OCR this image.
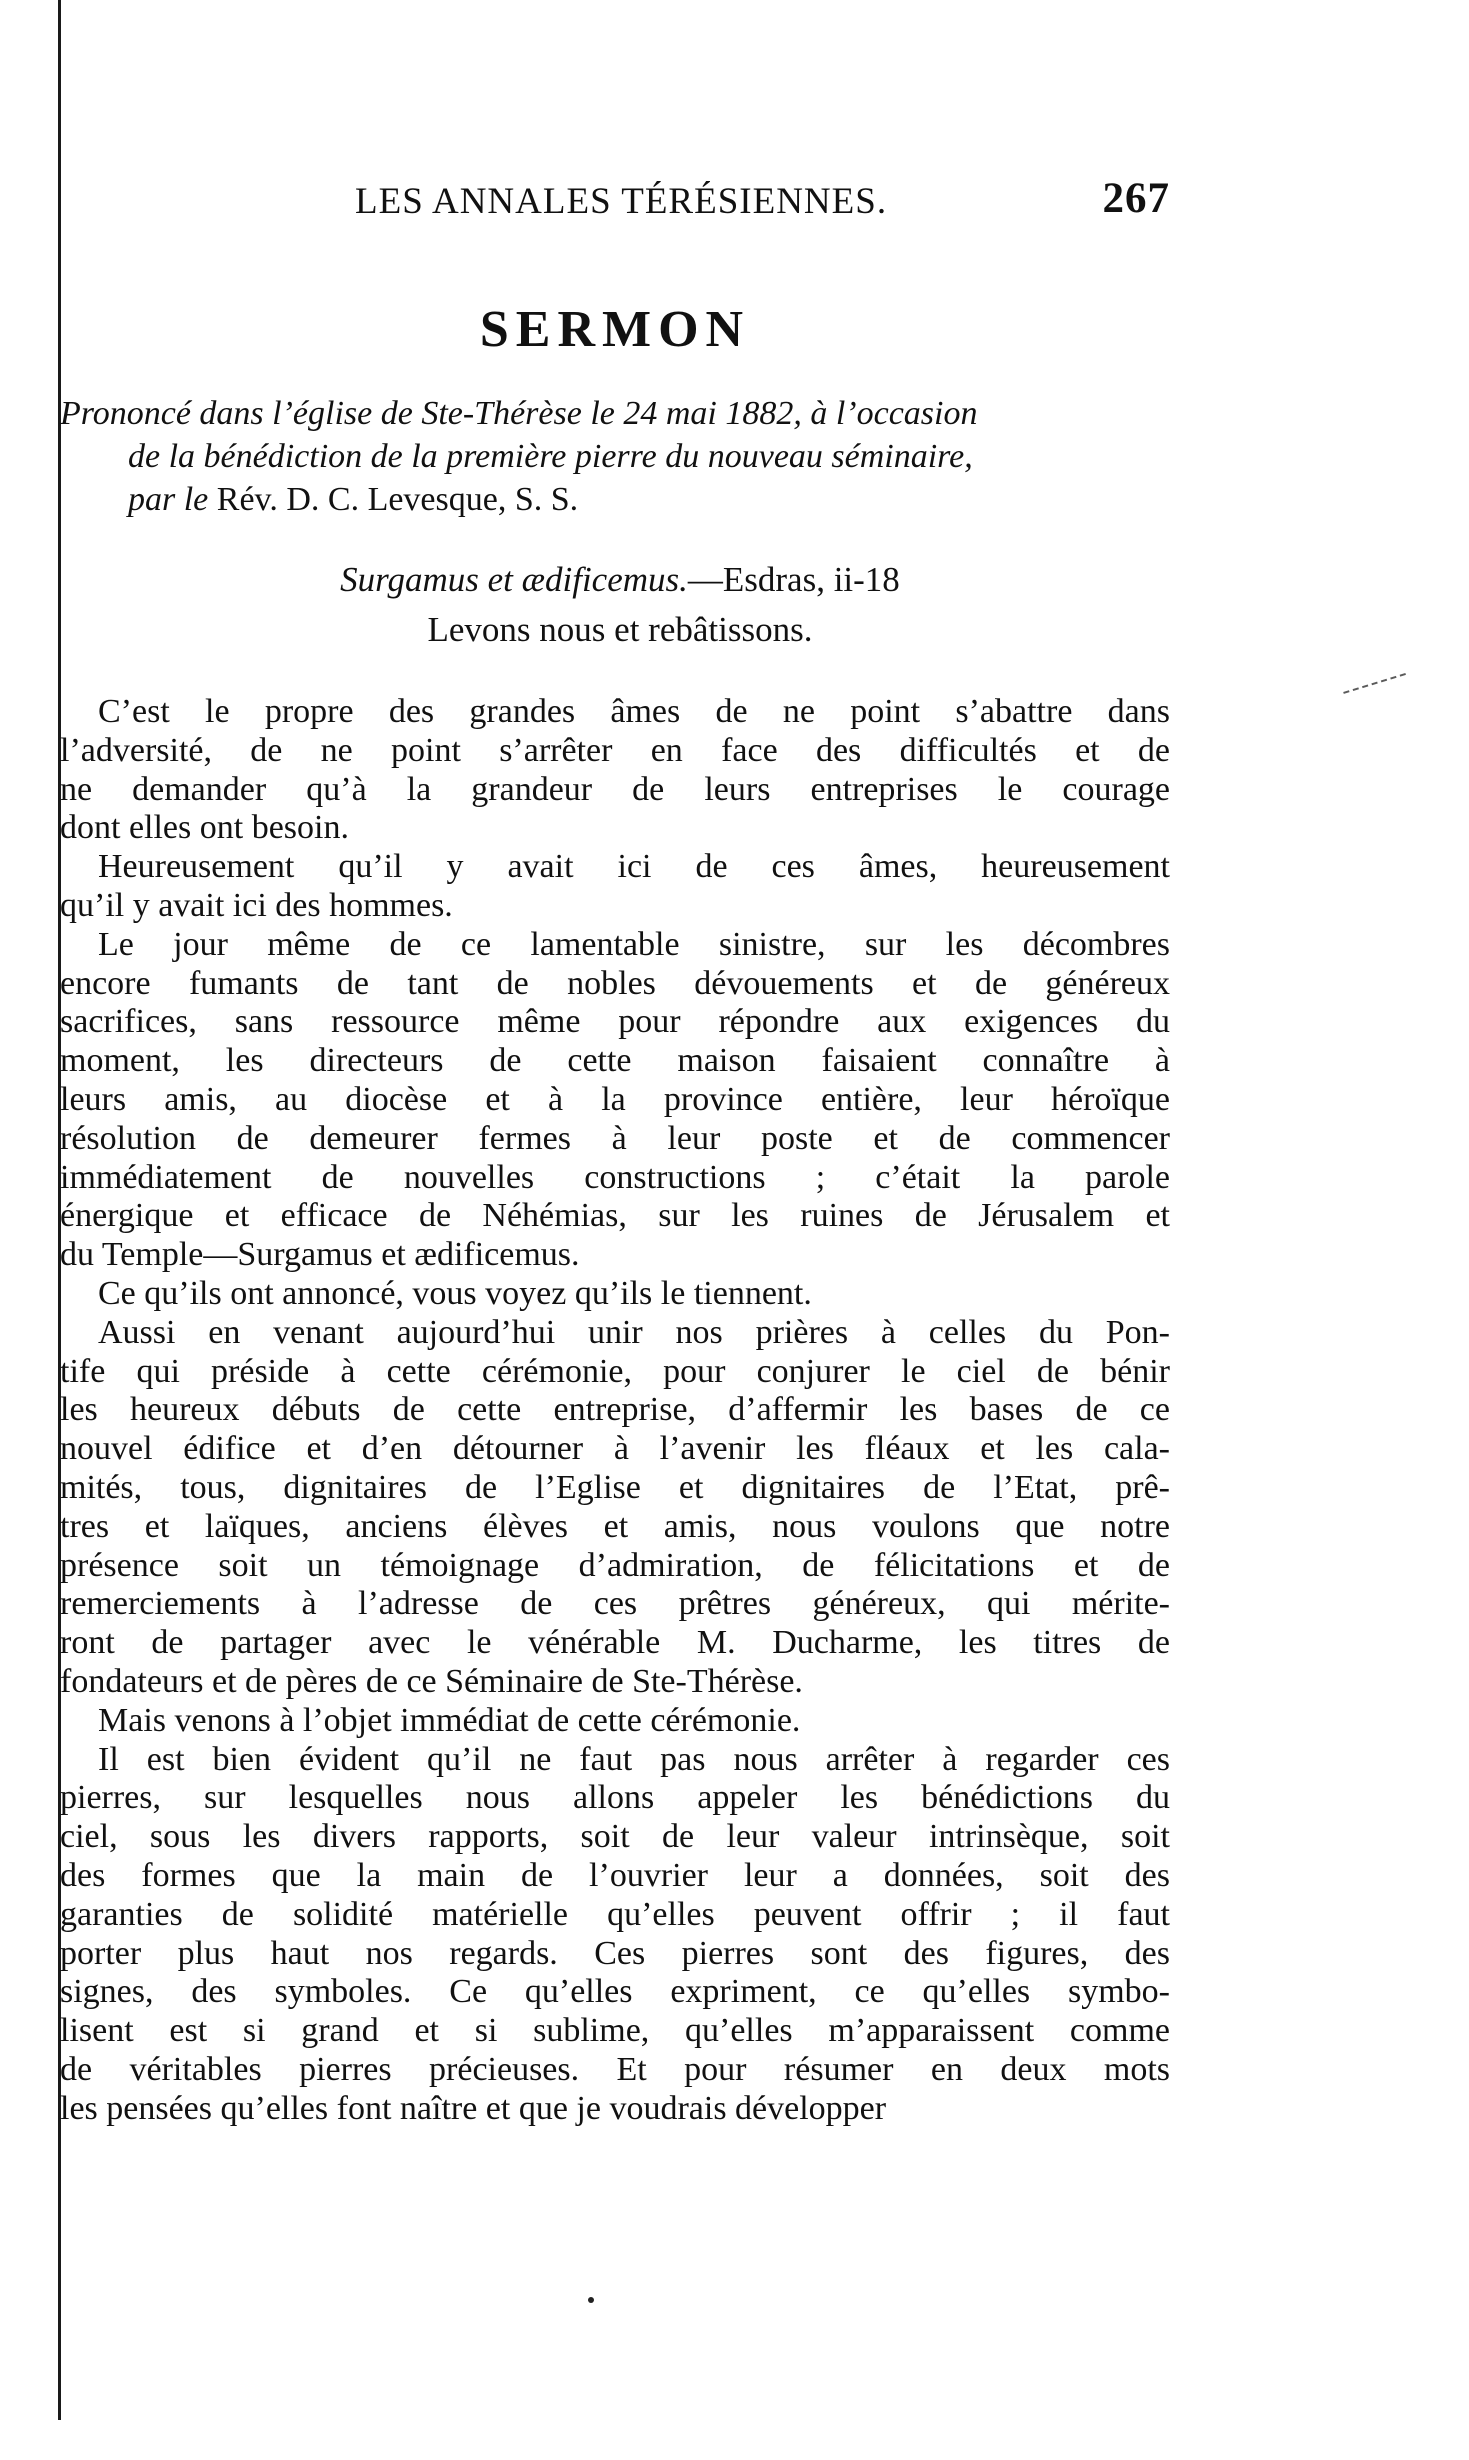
LES ANNALES TÉRÉSIENNES.	267
SERMON
Prononcé dans l’église de Ste-Thérèse le 24 mai 1882, à l’occasion
de la bénédiction de la première pierre du nouveau séminaire,
par le Rév. D. C. Levesque, S. S.
Surgamus et ædificemus.—Esdras, ii-18
Levons nous et rebâtissons.
C’est le propre des grandes âmes de ne point s’abattre dans
l’adversité, de ne point s’arrêter en face des difficultés et de
ne demander qu’à la grandeur de leurs entreprises le courage
dont elles ont besoin.
Heureusement qu’il y avait ici de ces âmes, heureusement
qu’il y avait ici des hommes.
Le jour même de ce lamentable sinistre, sur les décombres
encore fumants de tant de nobles dévouements et de généreux
sacrifices, sans ressource même pour répondre aux exigences du
moment, les directeurs de cette maison faisaient connaître à
leurs amis, au diocèse et à la province entière, leur héroïque
résolution de demeurer fermes à leur poste et de commencer
immédiatement de nouvelles constructions ; c’était la parole
énergique et efficace de Néhémias, sur les ruines de Jérusalem et
du Temple—Surgamus et ædificemus.
Ce qu’ils ont annoncé, vous voyez qu’ils le tiennent.
Aussi en venant aujourd’hui unir nos prières à celles du Pon-
tife qui préside à cette cérémonie, pour conjurer le ciel de bénir
les heureux débuts de cette entreprise, d’affermir les bases de ce
nouvel édifice et d’en détourner à l’avenir les fléaux et les cala-
mités, tous, dignitaires de l’Eglise et dignitaires de l’Etat, prê-
tres et laïques, anciens élèves et amis, nous voulons que notre
présence soit un témoignage d’admiration, de félicitations et de
remerciements à l’adresse de ces prêtres généreux, qui mérite-
ront de partager avec le vénérable M. Ducharme, les titres de
fondateurs et de pères de ce Séminaire de Ste-Thérèse.
Mais venons à l’objet immédiat de cette cérémonie.
Il est bien évident qu’il ne faut pas nous arrêter à regarder ces
pierres, sur lesquelles nous allons appeler les bénédictions du
ciel, sous les divers rapports, soit de leur valeur intrinsèque, soit
des formes que la main de l’ouvrier leur a données, soit des
garanties de solidité matérielle qu’elles peuvent offrir ; il faut
porter plus haut nos regards. Ces pierres sont des figures, des
signes, des symboles. Ce qu’elles expriment, ce qu’elles symbo-
lisent est si grand et si sublime, qu’elles m’apparaissent comme
de véritables pierres précieuses. Et pour résumer en deux mots
les pensées qu’elles font naître et que je voudrais développer
